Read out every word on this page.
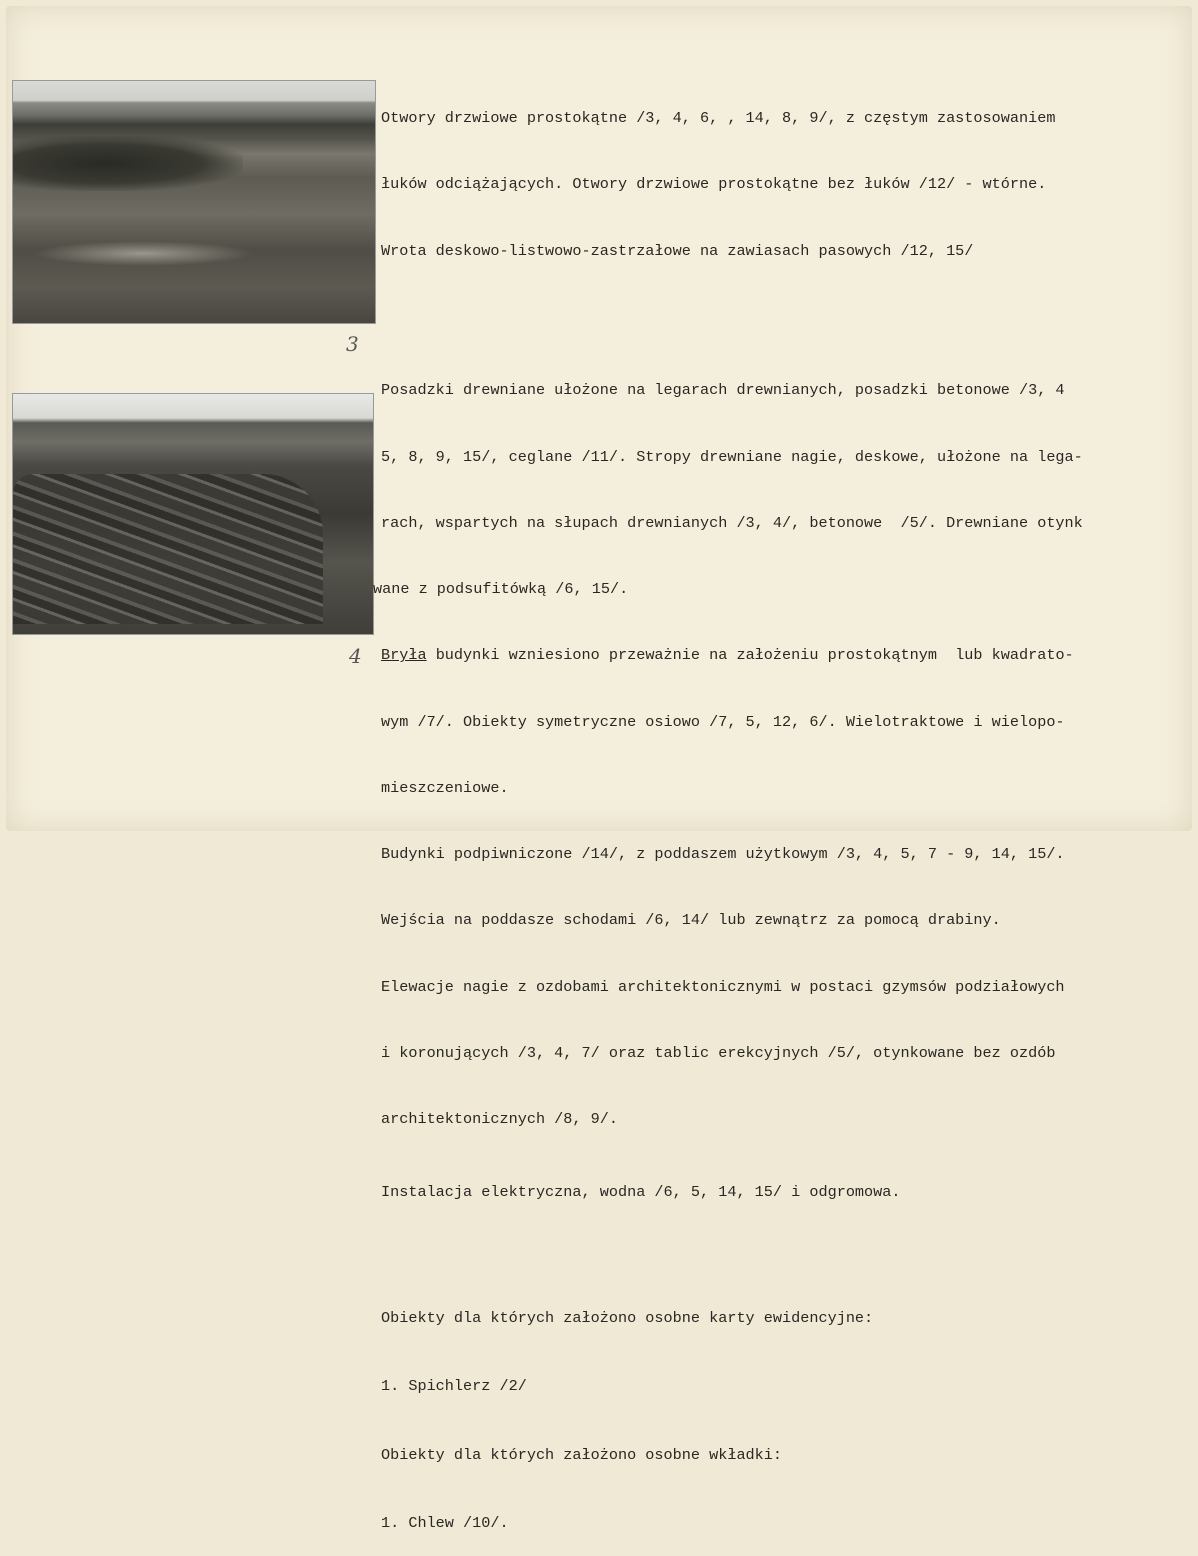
3
4

Otwory drzwiowe prostokątne /3, 4, 6, , 14, 8, 9/, z częstym zastosowaniem

łuków odciążających. Otwory drzwiowe prostokątne bez łuków /12/ - wtórne.

Wrota deskowo-listwowo-zastrzałowe na zawiasach pasowych /12, 15/

Posadzki drewniane ułożone na legarach drewnianych, posadzki betonowe /3, 4

5, 8, 9, 15/, ceglane /11/. Stropy drewniane nagie, deskowe, ułożone na lega-

rach, wspartych na słupach drewnianych /3, 4/, betonowe  /5/. Drewniane otynk

wane z podsufitówką /6, 15/.

Bryła budynki wzniesiono przeważnie na założeniu prostokątnym  lub kwadrato-

wym /7/. Obiekty symetryczne osiowo /7, 5, 12, 6/. Wielotraktowe i wielopo-

mieszczeniowe.

Budynki podpiwniczone /14/, z poddaszem użytkowym /3, 4, 5, 7 - 9, 14, 15/.

Wejścia na poddasze schodami /6, 14/ lub zewnątrz za pomocą drabiny.

Elewacje nagie z ozdobami architektonicznymi w postaci gzymsów podziałowych

i koronujących /3, 4, 7/ oraz tablic erekcyjnych /5/, otynkowane bez ozdób

architektonicznych /8, 9/.

Instalacja elektryczna, wodna /6, 5, 14, 15/ i odgromowa.

Obiekty dla których założono osobne karty ewidencyjne:

1. Spichlerz /2/

Obiekty dla których założono osobne wkładki:

1. Chlew /10/.
